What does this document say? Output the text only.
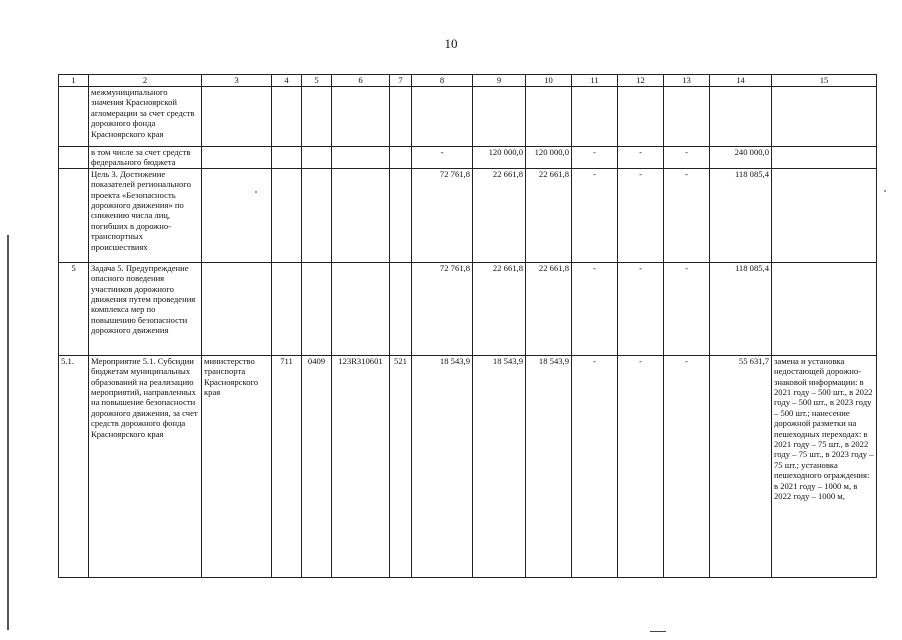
10
1	2	3	4	5	6	7	8	9	10	11	12	13	14	15
	межмуниципального значения Красноярской агломерации за счет средств дорожного фонда Красноярского края													
	в том числе за счет средств федерального бюджета						-	120 000,0	120 000,0	-	-	-	240 000,0	
	Цель 3. Достижение показателей регионального проекта «Безопасность дорожного движения» по снижению числа лиц, погибших в дорожно-транспортных происшествиях						72 761,8	22 661,8	22 661,8	-	-	-	118 085,4	
5	Задача 5. Предупреждение опасного поведения участников дорожного движения путем проведения комплекса мер по повышению безопасности дорожного движения						72 761,8	22 661,8	22 661,8	-	-	-	118 085,4	
5.1.	Мероприятие 5.1. Субсидии бюджетам муниципальных образований на реализацию мероприятий, направленных на повышение безопасности дорожного движения, за счет средств дорожного фонда Красноярского края	министерство транспорта Красноярского края	711	0409	123R310601	521	18 543,9	18 543,9	18 543,9	-	-	-	55 631,7	замена и установка недостающей дорожно-знаковой информации: в 2021 году – 500 шт., в 2022 году – 500 шт., в 2023 году – 500 шт.; нанесение дорожной разметки на пешеходных переходах: в 2021 году – 75 шт., в 2022 году – 75 шт., в 2023 году – 75 шт.; установка пешеходного ограждения: в 2021 году – 1000 м, в 2022 году – 1000 м,
